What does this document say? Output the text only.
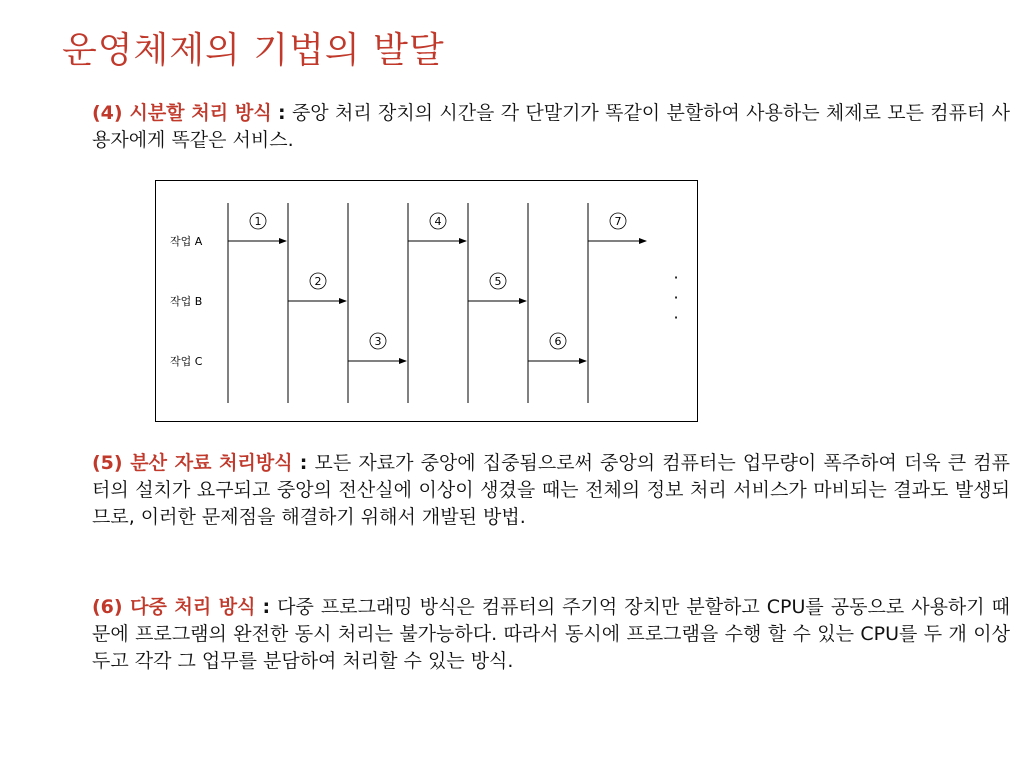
운영체제의 기법의 발달
(4) 시분할 처리 방식 : 중앙 처리 장치의 시간을 각 단말기가 똑같이 분할하여 사용하는 체제로 모든 컴퓨터 사용자에게 똑같은 서비스.
작업 A
작업 B
작업 C
1
2
3
4
5
6
7
·
·
·
(5) 분산 자료 처리방식 : 모든 자료가 중앙에 집중됨으로써 중앙의 컴퓨터는 업무량이 폭주하여 더욱 큰 컴퓨터의 설치가 요구되고 중앙의 전산실에 이상이 생겼을 때는 전체의 정보 처리 서비스가 마비되는 결과도 발생되므로, 이러한 문제점을 해결하기 위해서 개발된 방법.
(6) 다중 처리 방식 : 다중 프로그래밍 방식은 컴퓨터의 주기억 장치만 분할하고 CPU를 공동으로 사용하기 때문에 프로그램의 완전한 동시 처리는 불가능하다. 따라서 동시에 프로그램을 수행 할 수 있는 CPU를 두 개 이상 두고 각각 그 업무를 분담하여 처리할 수 있는 방식.
